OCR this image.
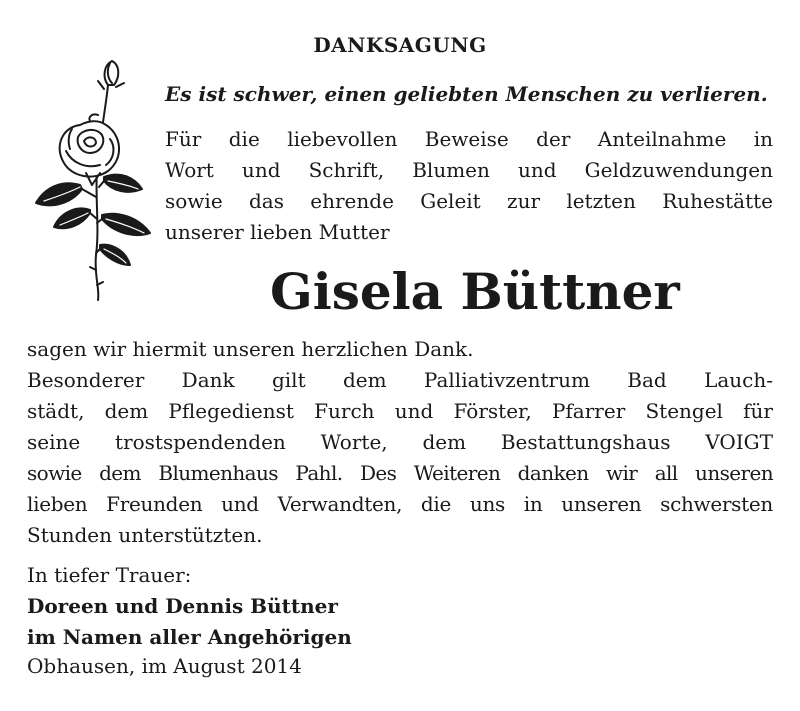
DANKSAGUNG
Es ist schwer, einen geliebten Menschen zu verlieren.
Für die liebevollen Beweise der Anteilnahme in
Wort und Schrift, Blumen und Geldzuwendungen
sowie das ehrende Geleit zur letzten Ruhestätte
unserer lieben Mutter
Gisela Büttner
sagen wir hiermit unseren herzlichen Dank.
Besonderer Dank gilt dem Palliativzentrum Bad Lauch-
städt, dem Pflegedienst Furch und Förster, Pfarrer Stengel für
seine trostspendenden Worte, dem Bestattungshaus VOIGT
sowie dem Blumenhaus Pahl. Des Weiteren danken wir all unseren
lieben Freunden und Verwandten, die uns in unseren schwersten
Stunden unterstützten.
In tiefer Trauer:
Doreen und Dennis Büttner
im Namen aller Angehörigen
Obhausen, im August 2014
